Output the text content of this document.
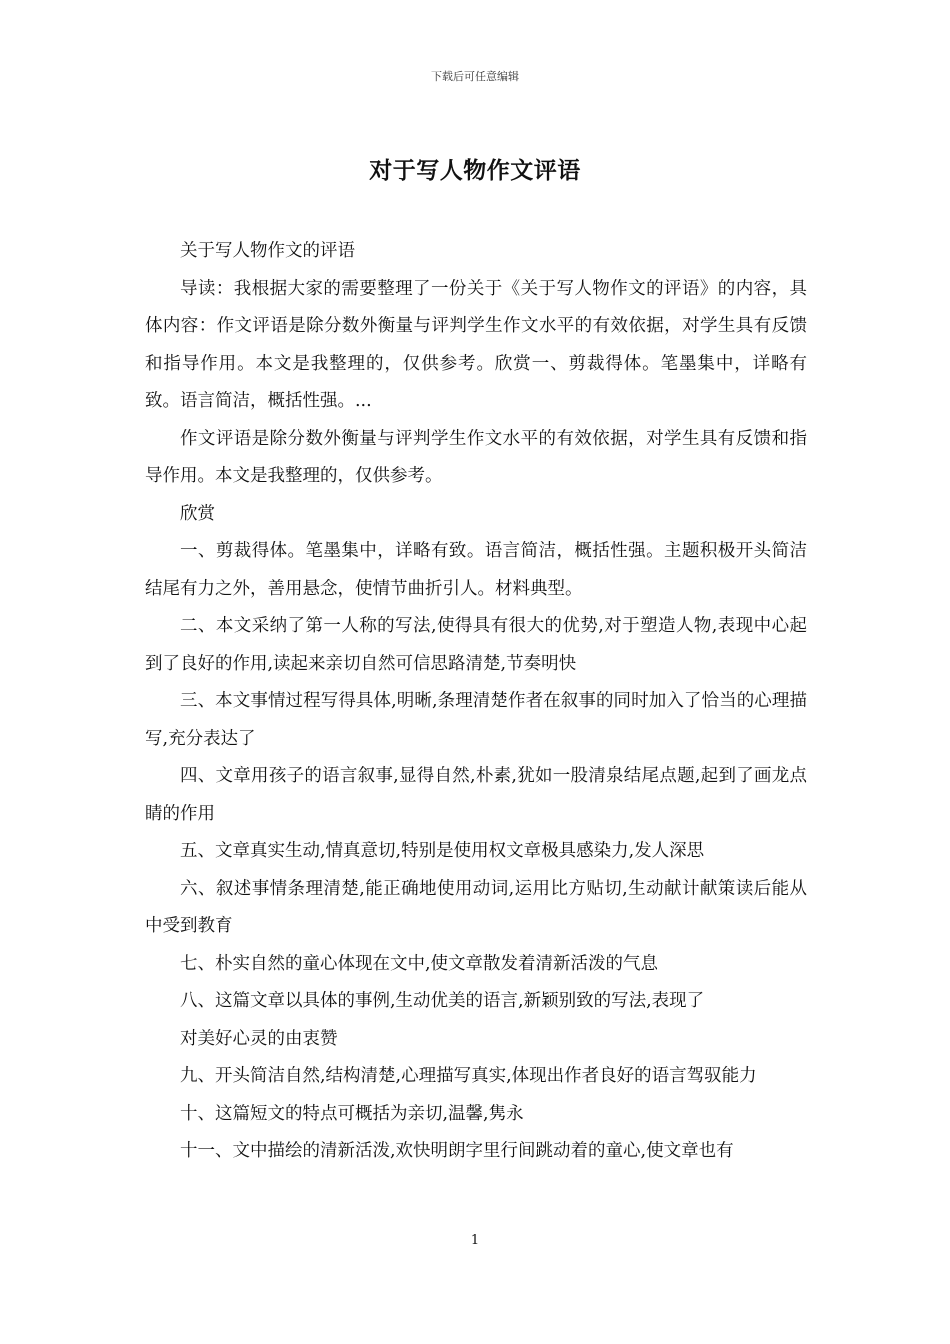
下载后可任意编辑
对于写人物作文评语

关于写人物作文的评语

导读：我根据大家的需要整理了一份关于《关于写人物作文的评语》的内容，具体内容：作文评语是除分数外衡量与评判学生作文水平的有效依据，对学生具有反馈和指导作用。本文是我整理的，仅供参考。欣赏一、剪裁得体。笔墨集中，详略有致。语言简洁，概括性强。...

作文评语是除分数外衡量与评判学生作文水平的有效依据，对学生具有反馈和指导作用。本文是我整理的，仅供参考。

欣赏

一、剪裁得体。笔墨集中，详略有致。语言简洁，概括性强。主题积极开头简洁结尾有力之外，善用悬念，使情节曲折引人。材料典型。

二、本文采纳了第一人称的写法,使得具有很大的优势,对于塑造人物,表现中心起到了良好的作用,读起来亲切自然可信思路清楚,节奏明快

三、本文事情过程写得具体,明晰,条理清楚作者在叙事的同时加入了恰当的心理描写,充分表达了

四、文章用孩子的语言叙事,显得自然,朴素,犹如一股清泉结尾点题,起到了画龙点睛的作用

五、文章真实生动,情真意切,特别是使用权文章极具感染力,发人深思

六、叙述事情条理清楚,能正确地使用动词,运用比方贴切,生动献计献策读后能从中受到教育

七、朴实自然的童心体现在文中,使文章散发着清新活泼的气息

八、这篇文章以具体的事例,生动优美的语言,新颖别致的写法,表现了

对美好心灵的由衷赞

九、开头简洁自然,结构清楚,心理描写真实,体现出作者良好的语言驾驭能力

十、这篇短文的特点可概括为亲切,温馨,隽永

十一、文中描绘的清新活泼,欢快明朗字里行间跳动着的童心,使文章也有

1
